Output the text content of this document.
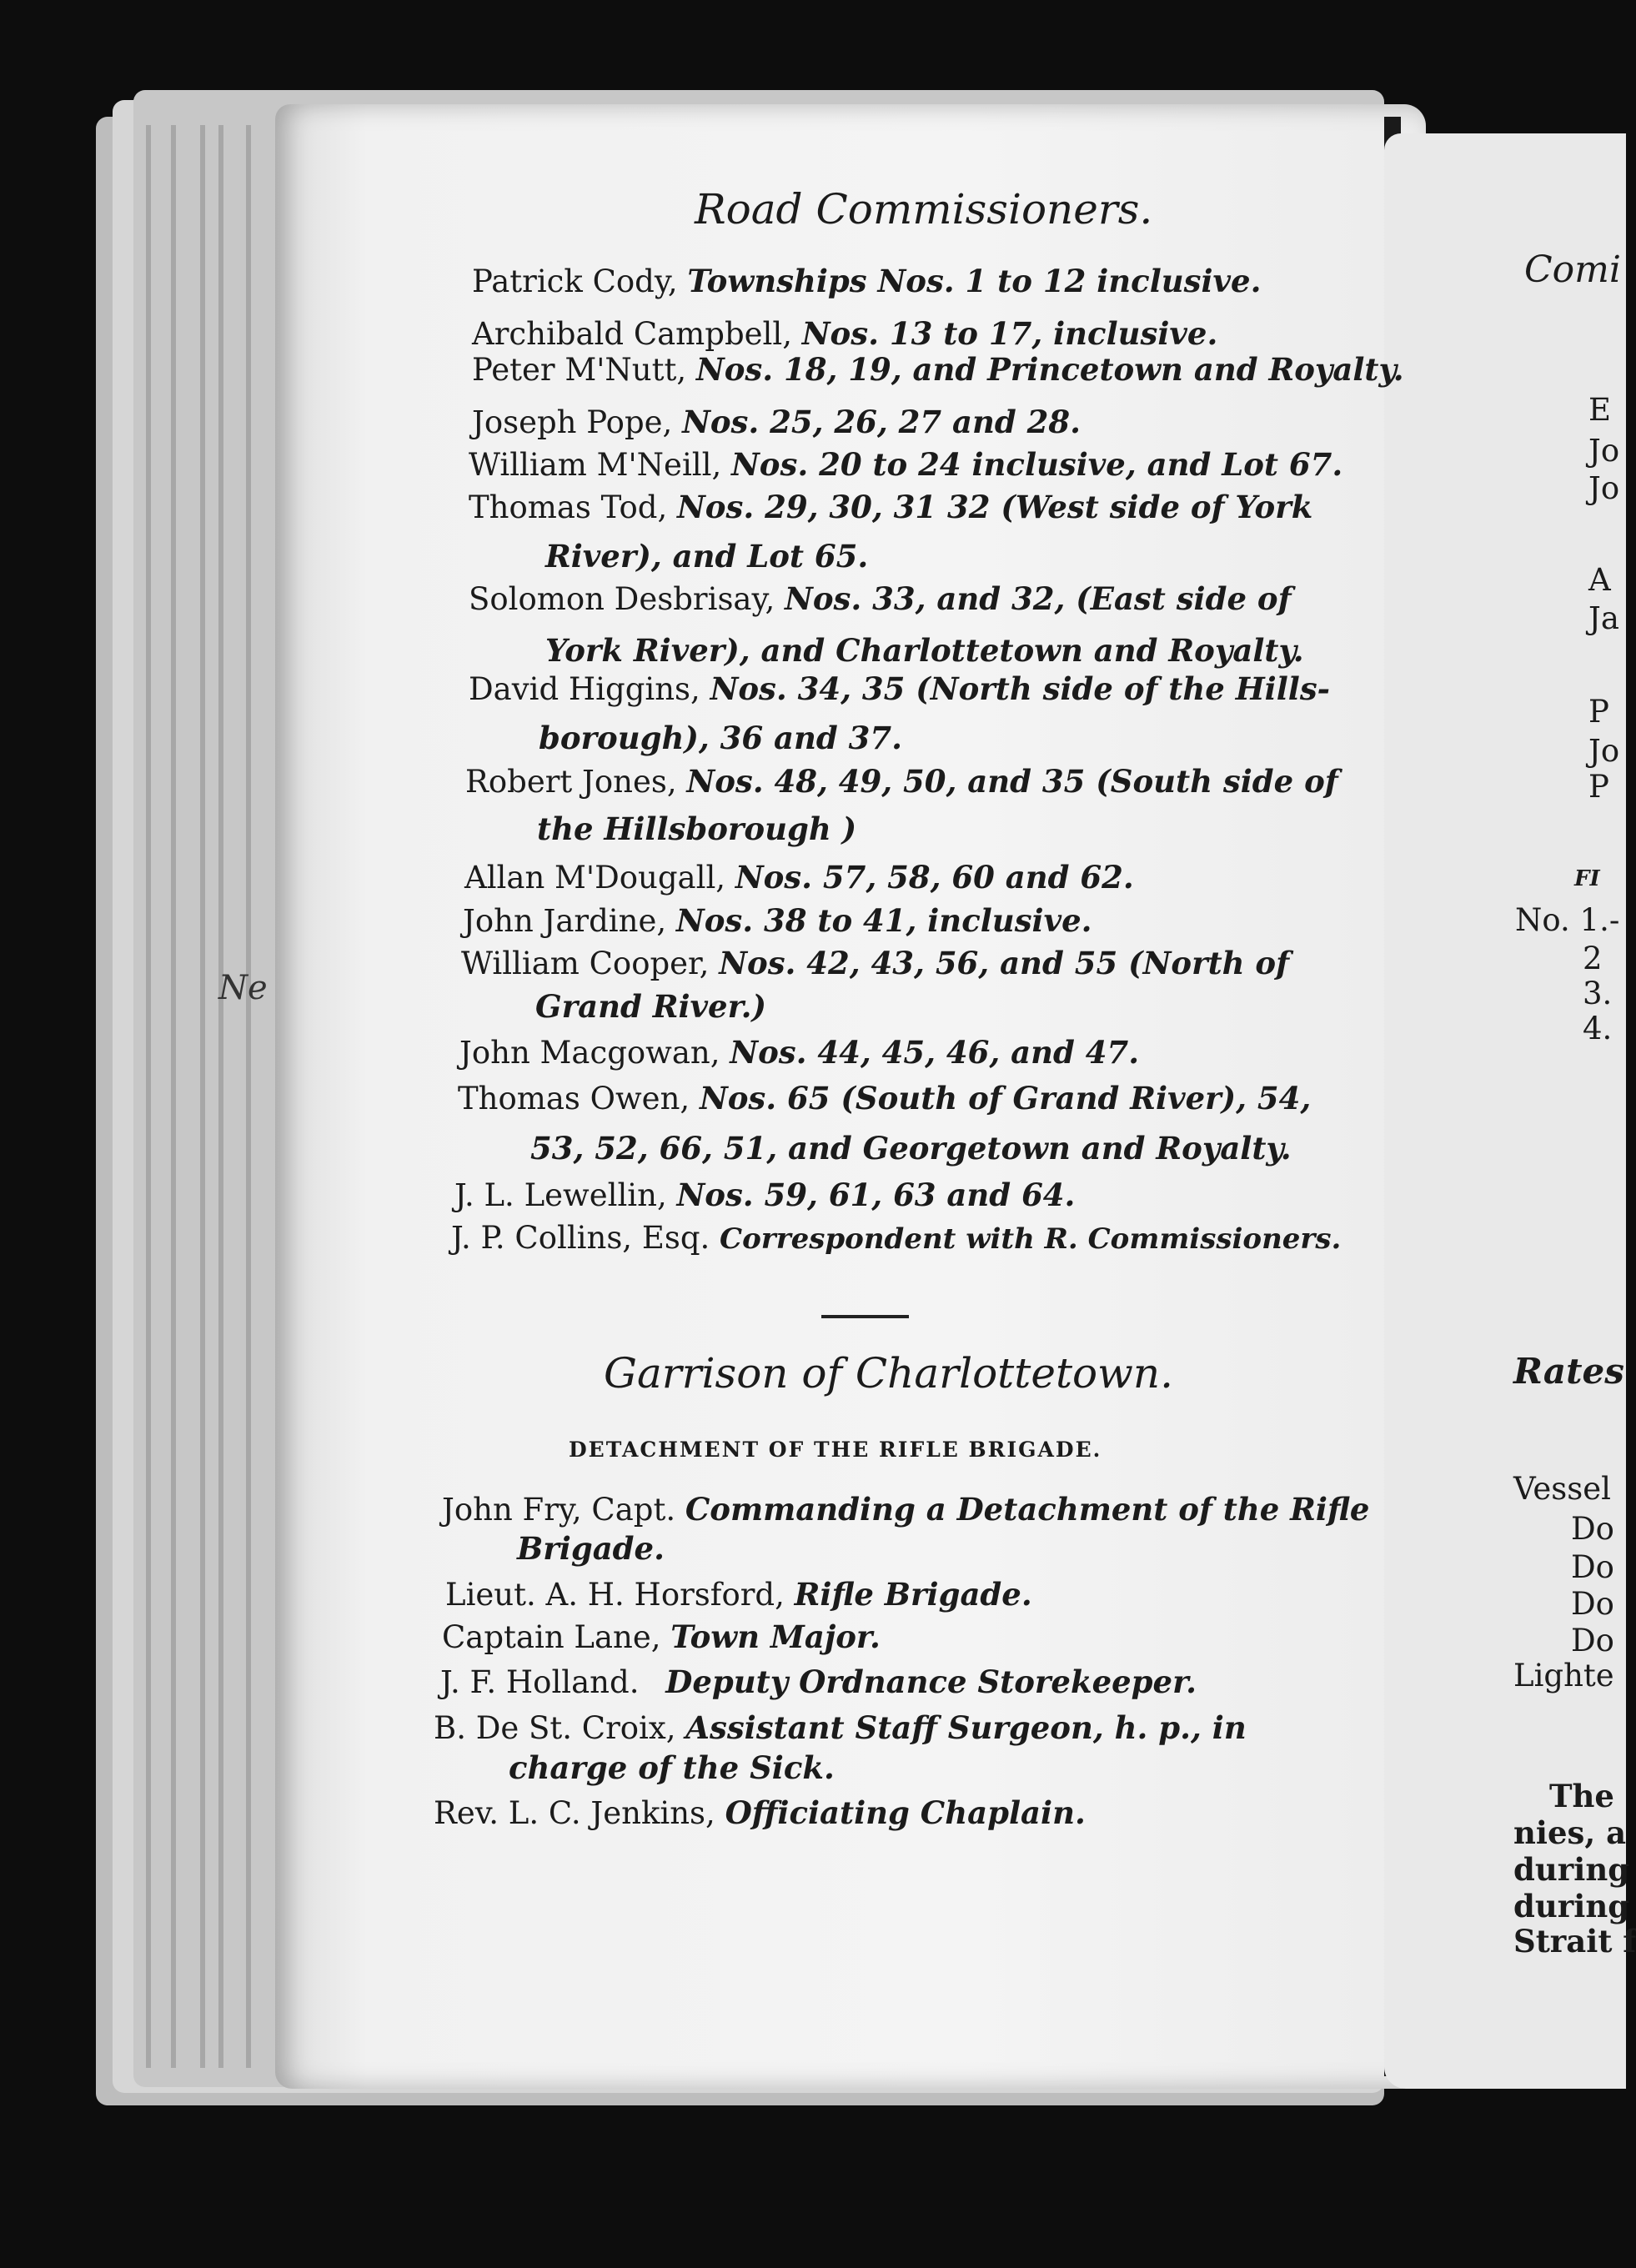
Ne
Road Commissioners.
Patrick Cody, Townships Nos. 1 to 12 inclusive.
Archibald Campbell, Nos. 13 to 17, inclusive.
Peter M'Nutt, Nos. 18, 19, and Princetown and Royalty.
Joseph Pope, Nos. 25, 26, 27 and 28.
William M'Neill, Nos. 20 to 24 inclusive, and Lot 67.
Thomas Tod, Nos. 29, 30, 31 32 (West side of York
River), and Lot 65.
Solomon Desbrisay, Nos. 33, and 32, (East side of
York River), and Charlottetown and Royalty.
David Higgins, Nos. 34, 35 (North side of the Hills-
borough), 36 and 37.
Robert Jones, Nos. 48, 49, 50, and 35 (South side of
the Hillsborough )
Allan M'Dougall, Nos. 57, 58, 60 and 62.
John Jardine, Nos. 38 to 41, inclusive.
William Cooper, Nos. 42, 43, 56, and 55 (North of
Grand River.)
John Macgowan, Nos. 44, 45, 46, and 47.
Thomas Owen, Nos. 65 (South of Grand River), 54,
53, 52, 66, 51, and Georgetown and Royalty.
J. L. Lewellin, Nos. 59, 61, 63 and 64.
J. P. Collins, Esq. Correspondent with R. Commissioners.
Garrison of Charlottetown.
DETACHMENT OF THE RIFLE BRIGADE.
John Fry, Capt. Commanding a Detachment of the Rifle
Brigade.
Lieut. A. H. Horsford, Rifle Brigade.
Captain Lane, Town Major.
J. F. Holland. Deputy Ordnance Storekeeper.
B. De St. Croix, Assistant Staff Surgeon, h. p., in
charge of the Sick.
Rev. L. C. Jenkins, Officiating Chaplain.
Comi
E
Jo
Jo
A
Ja
P
Jo
P
FI
No. 1.-
2
3.
4.
Rates
Vessel
Do
Do
Do
Do
Lighte
The
nies, a
during
during
Strait f
